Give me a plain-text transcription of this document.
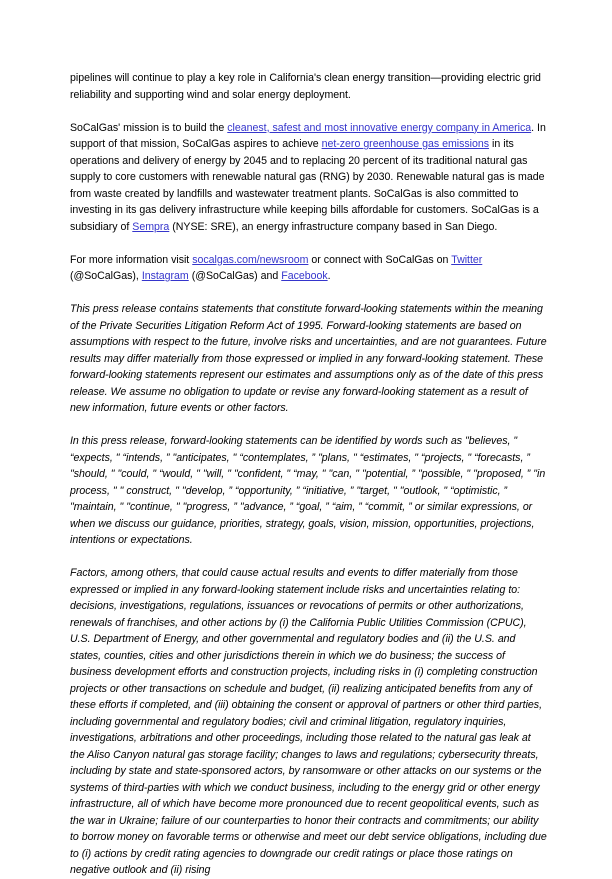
pipelines will continue to play a key role in California's clean energy transition—providing electric grid reliability and supporting wind and solar energy deployment.

SoCalGas' mission is to build the cleanest, safest and most innovative energy company in America. In support of that mission, SoCalGas aspires to achieve net-zero greenhouse gas emissions in its operations and delivery of energy by 2045 and to replacing 20 percent of its traditional natural gas supply to core customers with renewable natural gas (RNG) by 2030. Renewable natural gas is made from waste created by landfills and wastewater treatment plants. SoCalGas is also committed to investing in its gas delivery infrastructure while keeping bills affordable for customers. SoCalGas is a subsidiary of Sempra (NYSE: SRE), an energy infrastructure company based in San Diego.

For more information visit socalgas.com/newsroom or connect with SoCalGas on Twitter (@SoCalGas), Instagram (@SoCalGas) and Facebook.

This press release contains statements that constitute forward-looking statements within the meaning of the Private Securities Litigation Reform Act of 1995. Forward-looking statements are based on assumptions with respect to the future, involve risks and uncertainties, and are not guarantees. Future results may differ materially from those expressed or implied in any forward-looking statement. These forward-looking statements represent our estimates and assumptions only as of the date of this press release. We assume no obligation to update or revise any forward-looking statement as a result of new information, future events or other factors.

In this press release, forward-looking statements can be identified by words such as "believes, " “expects, " “intends, ” "anticipates, " “contemplates, ” "plans, " “estimates, " “projects, " “forecasts, ” "should, " "could, " “would, " "will, " "confident, " “may, " "can, " "potential, ” "possible, " "proposed, ” "in process, " " construct, " "develop, ” “opportunity, ” “initiative, ” "target, " "outlook, " “optimistic, ” "maintain, " "continue, " "progress, ” "advance, ” “goal, ” “aim, ” “commit, ” or similar expressions, or when we discuss our guidance, priorities, strategy, goals, vision, mission, opportunities, projections, intentions or expectations.

Factors, among others, that could cause actual results and events to differ materially from those expressed or implied in any forward-looking statement include risks and uncertainties relating to: decisions, investigations, regulations, issuances or revocations of permits or other authorizations, renewals of franchises, and other actions by (i) the California Public Utilities Commission (CPUC), U.S. Department of Energy, and other governmental and regulatory bodies and (ii) the U.S. and states, counties, cities and other jurisdictions therein in which we do business; the success of business development efforts and construction projects, including risks in (i) completing construction projects or other transactions on schedule and budget, (ii) realizing anticipated benefits from any of these efforts if completed, and (iii) obtaining the consent or approval of partners or other third parties, including governmental and regulatory bodies; civil and criminal litigation, regulatory inquiries, investigations, arbitrations and other proceedings, including those related to the natural gas leak at the Aliso Canyon natural gas storage facility; changes to laws and regulations; cybersecurity threats, including by state and state-sponsored actors, by ransomware or other attacks on our systems or the systems of third-parties with which we conduct business, including to the energy grid or other energy infrastructure, all of which have become more pronounced due to recent geopolitical events, such as the war in Ukraine; failure of our counterparties to honor their contracts and commitments; our ability to borrow money on favorable terms or otherwise and meet our debt service obligations, including due to (i) actions by credit rating agencies to downgrade our credit ratings or place those ratings on negative outlook and (ii) rising
